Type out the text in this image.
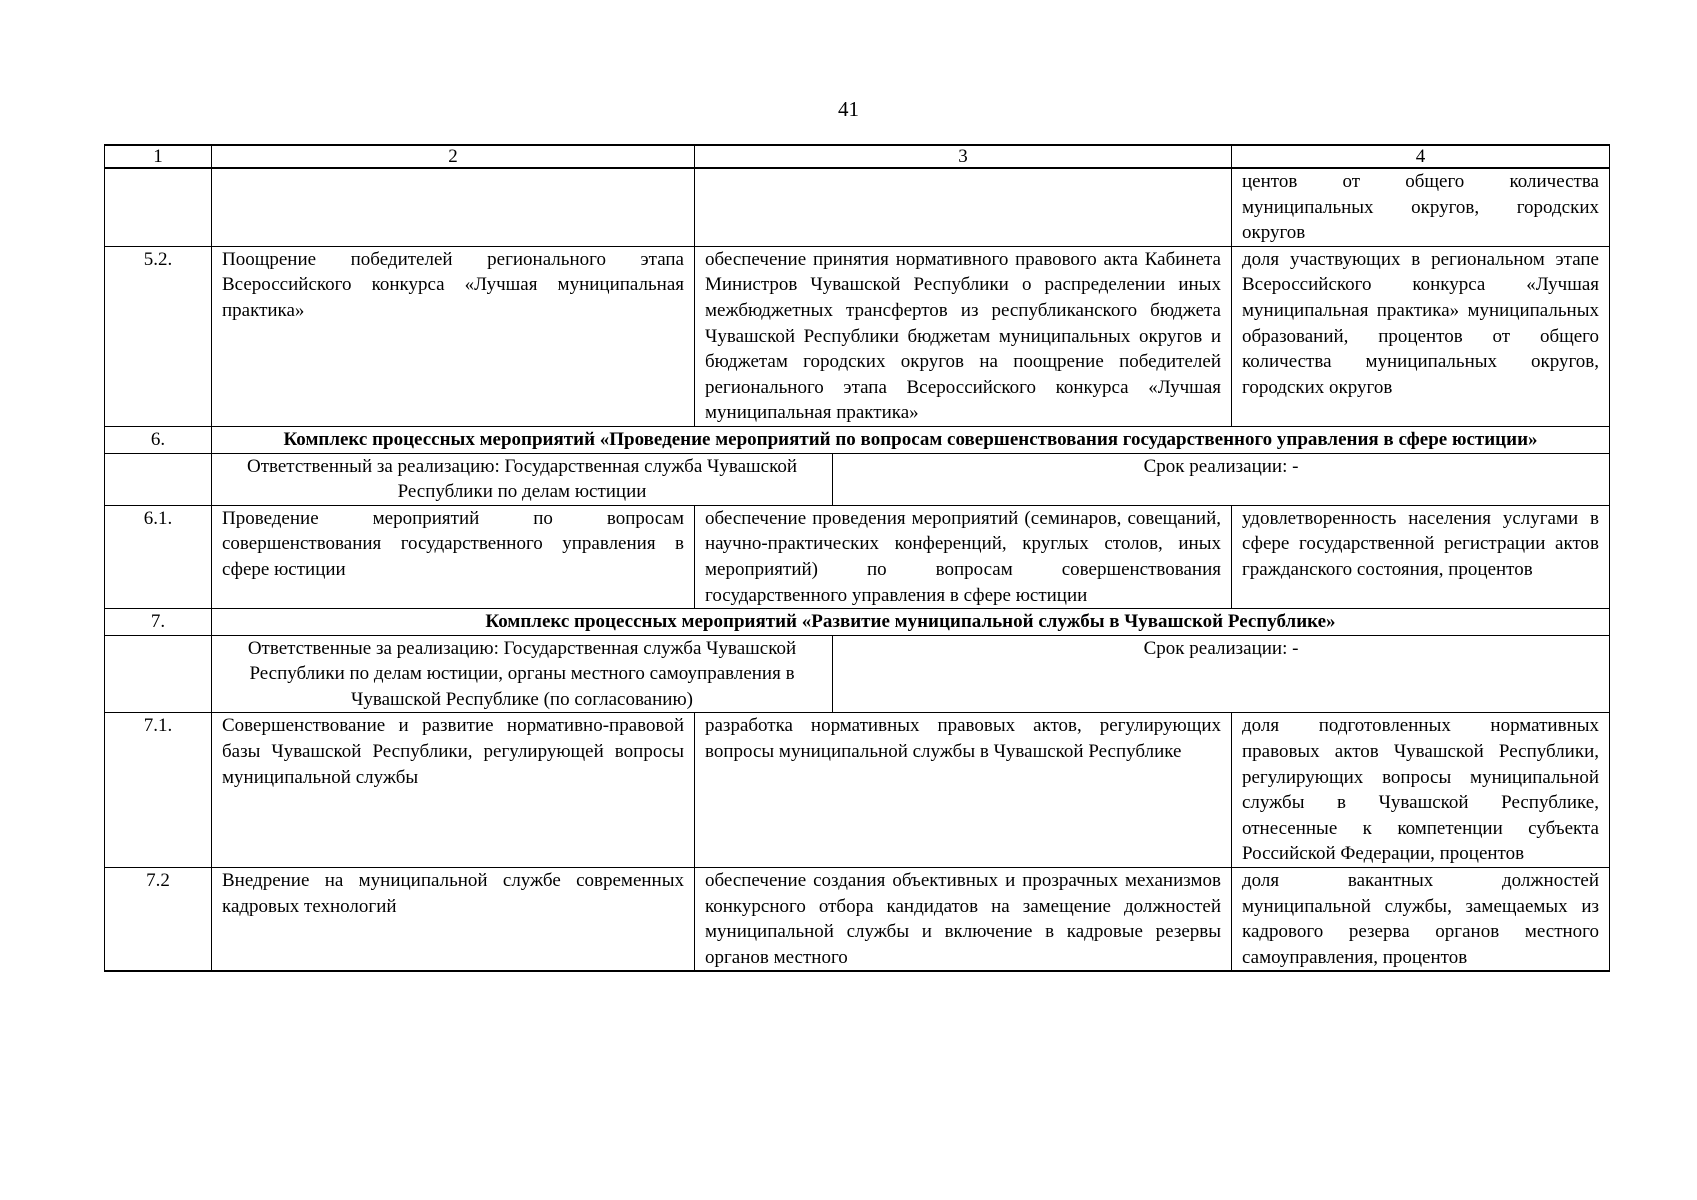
41
1	2	3		4
				центов от общего количества муниципальных округов, городских округов
5.2.	Поощрение победителей регионального этапа Всероссийского конкурса «Лучшая муниципальная практика»	обеспечение принятия нормативного правового акта Кабинета Министров Чувашской Республики о распределении иных межбюджетных трансфертов из республиканского бюджета Чувашской Республики бюджетам муниципальных округов и бюджетам городских округов на поощрение победителей регионального этапа Всероссийского конкурса «Лучшая муниципальная практика»		доля участвующих в региональном этапе Всероссийского конкурса «Лучшая муниципальная практика» муниципальных образований, процентов от общего количества муниципальных округов, городских округов
6.	Комплекс процессных мероприятий «Проведение мероприятий по вопросам совершенствования государственного управления в сфере юстиции»			
	Ответственный за реализацию: Государственная служба Чувашской Республики по делам юстиции		Срок реализации: -	
6.1.	Проведение мероприятий по вопросам совершенствования государственного управления в сфере юстиции	обеспечение проведения мероприятий (семинаров, совещаний, научно-практических конференций, круглых столов, иных мероприятий) по вопросам совершенствования государственного управления в сфере юстиции		удовлетворенность населения услугами в сфере государственной регистрации актов гражданского состояния, процентов
7.	Комплекс процессных мероприятий «Развитие муниципальной службы в Чувашской Республике»			
	Ответственные за реализацию: Государственная служба Чувашской Республики по делам юстиции, органы местного самоуправления в Чувашской Республике (по согласованию)		Срок реализации: -	
7.1.	Совершенствование и развитие нормативно-правовой базы Чувашской Республики, регулирующей вопросы муниципальной службы	разработка нормативных правовых актов, регулирующих вопросы муниципальной службы в Чувашской Республике		доля подготовленных нормативных правовых актов Чувашской Республики, регулирующих вопросы муниципальной службы в Чувашской Республике, отнесенные к компетенции субъекта Российской Федерации, процентов
7.2	Внедрение на муниципальной службе современных кадровых технологий	обеспечение создания объективных и прозрачных механизмов конкурсного отбора кандидатов на замещение должностей муниципальной службы и включение в кадровые резервы органов местного		доля вакантных должностей муниципальной службы, замещаемых из кадрового резерва органов местного самоуправления, процентов
